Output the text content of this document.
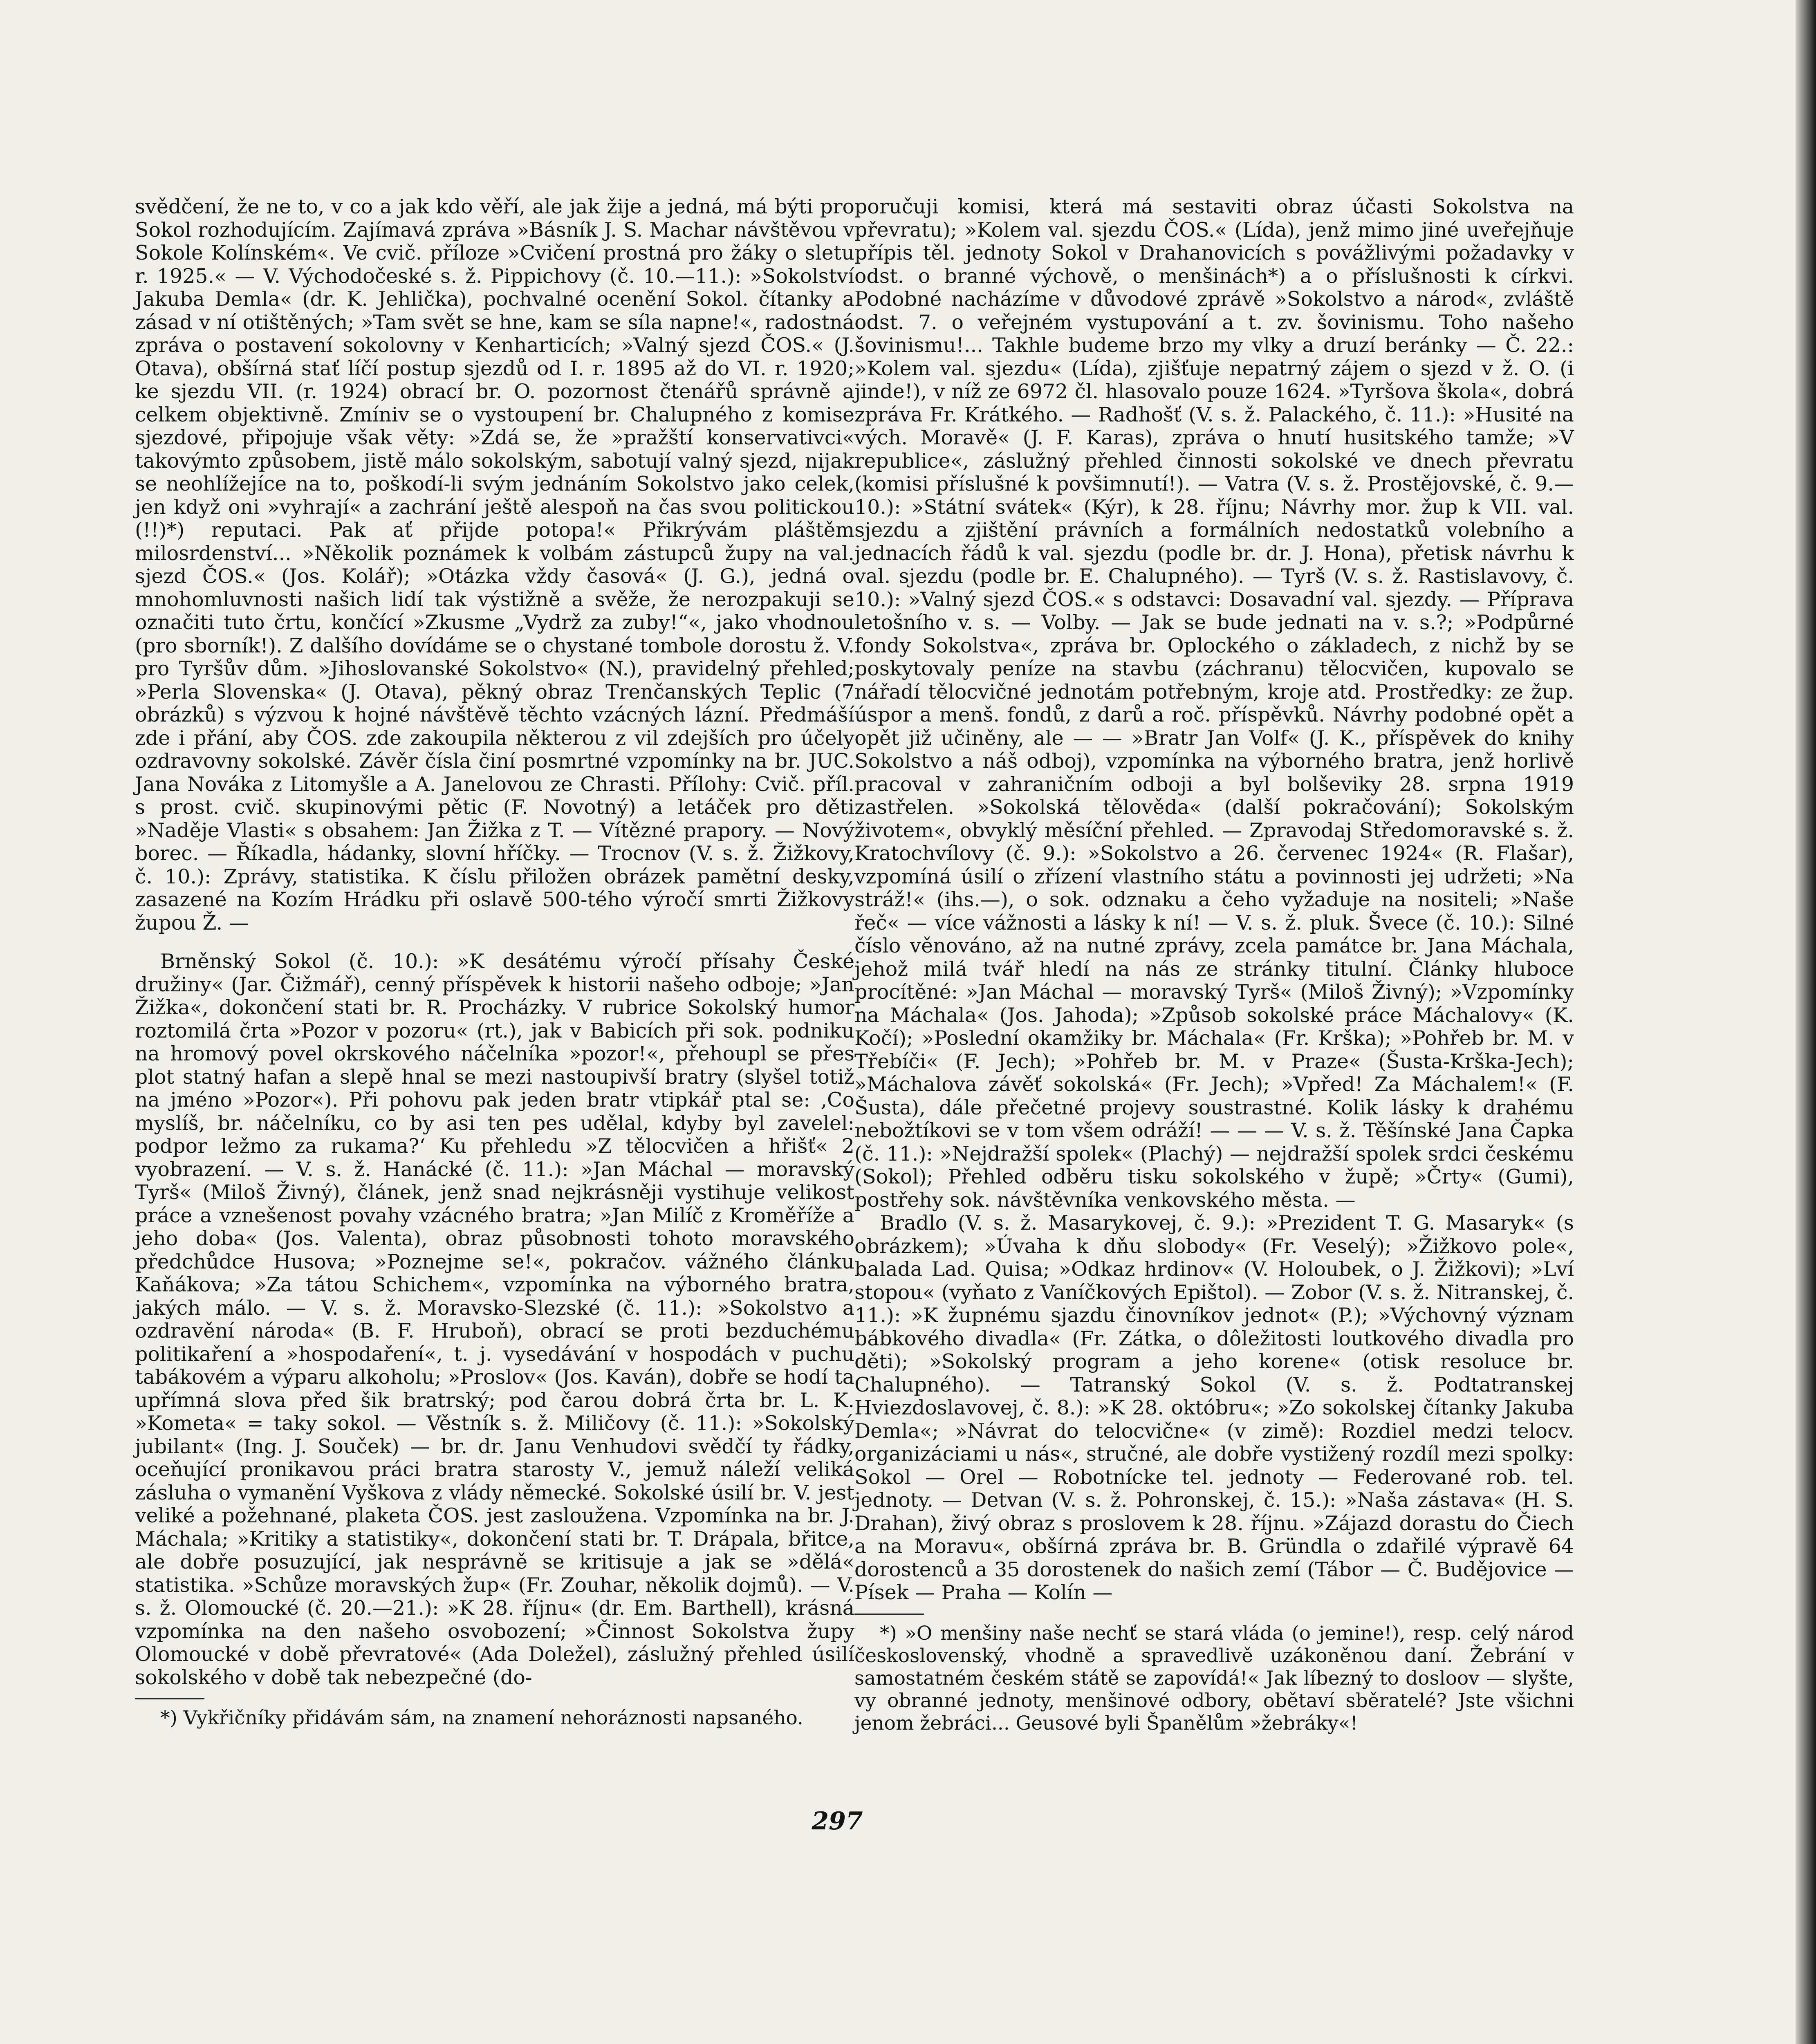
svědčení, že ne to, v co a jak kdo věří, ale jak žije a jedná, má býti pro Sokol rozhodujícím. Zajímavá zpráva »Básník J. S. Machar návštěvou v Sokole Kolínském«. Ve cvič. příloze »Cvičení prostná pro žáky o sletu r. 1925.« — V. Východočeské s. ž. Pippichovy (č. 10.—11.): »Sokolství Jakuba Demla« (dr. K. Jehlička), pochvalné ocenění Sokol. čítanky a zásad v ní otištěných; »Tam svět se hne, kam se síla napne!«, radostná zpráva o postavení sokolovny v Kenharticích; »Valný sjezd ČOS.« (J. Otava), obšírná stať líčí postup sjezdů od I. r. 1895 až do VI. r. 1920; ke sjezdu VII. (r. 1924) obrací br. O. pozornost čtenářů správně a celkem objektivně. Zmíniv se o vystoupení br. Chalupného z komise sjezdové, připojuje však věty: »Zdá se, že »pražští konservativci« takovýmto způsobem, jistě málo sokolským, sabotují valný sjezd, nijak se neohlížejíce na to, poškodí-li svým jednáním Sokolstvo jako celek, jen když oni »vyhrají« a zachrání ještě alespoň na čas svou politickou (!!)*) reputaci. Pak ať přijde potopa!« Přikrývám pláštěm milosrdenství... »Několik poznámek k volbám zástupců župy na val. sjezd ČOS.« (Jos. Kolář); »Otázka vždy časová« (J. G.), jedná o mnohomluvnosti našich lidí tak výstižně a svěže, že nerozpakuji se označiti tuto črtu, končící »Zkusme „Vydrž za zuby!“«, jako vhodnou (pro sborník!). Z dalšího dovídáme se o chystané tombole dorostu ž. V. pro Tyršův dům. »Jihoslovanské Sokolstvo« (N.), pravidelný přehled; »Perla Slovenska« (J. Otava), pěkný obraz Trenčanských Teplic (7 obrázků) s výzvou k hojné návštěvě těchto vzácných lázní. Předmáší zde i přání, aby ČOS. zde zakoupila některou z vil zdejších pro účely ozdravovny sokolské. Závěr čísla činí posmrtné vzpomínky na br. JUC. Jana Nováka z Litomyšle a A. Janelovou ze Chrasti. Přílohy: Cvič. příl. s prost. cvič. skupinovými pětic (F. Novotný) a letáček pro děti »Naděje Vlasti« s obsahem: Jan Žižka z T. — Vítězné prapory. — Nový borec. — Říkadla, hádanky, slovní hříčky. — Trocnov (V. s. ž. Žižkovy, č. 10.): Zprávy, statistika. K číslu přiložen obrázek pamětní desky, zasazené na Kozím Hrádku při oslavě 500-tého výročí smrti Žižkovy župou Ž. —

Brněnský Sokol (č. 10.): »K desátému výročí přísahy České družiny« (Jar. Čižmář), cenný příspěvek k historii našeho odboje; »Jan Žižka«, dokončení stati br. R. Procházky. V rubrice Sokolský humor roztomilá črta »Pozor v pozoru« (rt.), jak v Babicích při sok. podniku na hromový povel okrskového náčelníka »pozor!«, přehoupl se přes plot statný hafan a slepě hnal se mezi nastoupivší bratry (slyšel totiž na jméno »Pozor«). Při pohovu pak jeden bratr vtipkář ptal se: ‚Co myslíš, br. náčelníku, co by asi ten pes udělal, kdyby byl zavelel: podpor ležmo za rukama?‘ Ku přehledu »Z tělocvičen a hřišť« 2 vyobrazení. — V. s. ž. Hanácké (č. 11.): »Jan Máchal — moravský Tyrš« (Miloš Živný), článek, jenž snad nejkrásněji vystihuje velikost práce a vznešenost povahy vzácného bratra; »Jan Milíč z Kroměříže a jeho doba« (Jos. Valenta), obraz působnosti tohoto moravského předchůdce Husova; »Poznejme se!«, pokračov. vážného článku Kaňákova; »Za tátou Schichem«, vzpomínka na výborného bratra, jakých málo. — V. s. ž. Moravsko-Slezské (č. 11.): »Sokolstvo a ozdravění národa« (B. F. Hruboň), obrací se proti bezduchému politikaření a »hospodaření«, t. j. vysedávání v hospodách v puchu tabákovém a výparu alkoholu; »Proslov« (Jos. Kaván), dobře se hodí ta upřímná slova před šik bratrský; pod čarou dobrá črta br. L. K. »Kometa« = taky sokol. — Věstník s. ž. Miličovy (č. 11.): »Sokolský jubilant« (Ing. J. Souček) — br. dr. Janu Venhudovi svědčí ty řádky, oceňující pronikavou práci bratra starosty V., jemuž náleží veliká zásluha o vymanění Vyškova z vlády německé. Sokolské úsilí br. V. jest veliké a požehnané, plaketa ČOS. jest zasloužena. Vzpomínka na br. J. Máchala; »Kritiky a statistiky«, dokončení stati br. T. Drápala, břitce, ale dobře posuzující, jak nesprávně se kritisuje a jak se »dělá« statistika. »Schůze moravských žup« (Fr. Zouhar, několik dojmů). — V. s. ž. Olomoucké (č. 20.—21.): »K 28. říjnu« (dr. Em. Barthell), krásná vzpomínka na den našeho osvobození; »Činnost Sokolstva župy Olomoucké v době převratové« (Ada Doležel), záslužný přehled úsilí sokolského v době tak nebezpečné (do-

*) Vykřičníky přidávám sám, na znamení nehoráznosti napsaného.

poručuji komisi, která má sestaviti obraz účasti Sokolstva na převratu); »Kolem val. sjezdu ČOS.« (Lída), jenž mimo jiné uveřejňuje přípis těl. jednoty Sokol v Drahanovicích s povážlivými požadavky v odst. o branné výchově, o menšinách*) a o příslušnosti k církvi. Podobné nacházíme v důvodové zprávě »Sokolstvo a národ«, zvláště odst. 7. o veřejném vystupování a t. zv. šovinismu. Toho našeho šovinismu!... Takhle budeme brzo my vlky a druzí beránky — Č. 22.: »Kolem val. sjezdu« (Lída), zjišťuje nepatrný zájem o sjezd v ž. O. (i jinde!), v níž ze 6972 čl. hlasovalo pouze 1624. »Tyršova škola«, dobrá zpráva Fr. Krátkého. — Radhošť (V. s. ž. Palackého, č. 11.): »Husité na vých. Moravě« (J. F. Karas), zpráva o hnutí husitského tamže; »V republice«, záslužný přehled činnosti sokolské ve dnech převratu (komisi příslušné k povšimnutí!). — Vatra (V. s. ž. Prostějovské, č. 9.—10.): »Státní svátek« (Kýr), k 28. říjnu; Návrhy mor. žup k VII. val. sjezdu a zjištění právních a formálních nedostatků volebního a jednacích řádů k val. sjezdu (podle br. dr. J. Hona), přetisk návrhu k val. sjezdu (podle br. E. Chalupného). — Tyrš (V. s. ž. Rastislavovy, č. 10.): »Valný sjezd ČOS.« s odstavci: Dosavadní val. sjezdy. — Příprava letošního v. s. — Volby. — Jak se bude jednati na v. s.?; »Podpůrné fondy Sokolstva«, zpráva br. Oplockého o základech, z nichž by se poskytovaly peníze na stavbu (záchranu) tělocvičen, kupovalo se nářadí tělocvičné jednotám potřebným, kroje atd. Prostředky: ze žup. úspor a menš. fondů, z darů a roč. příspěvků. Návrhy podobné opět a opět již učiněny, ale — — »Bratr Jan Volf« (J. K., příspěvek do knihy Sokolstvo a náš odboj), vzpomínka na výborného bratra, jenž horlivě pracoval v zahraničním odboji a byl bolševiky 28. srpna 1919 zastřelen. »Sokolská tělověda« (další pokračování); Sokolským životem«, obvyklý měsíční přehled. — Zpravodaj Středomoravské s. ž. Kratochvílovy (č. 9.): »Sokolstvo a 26. červenec 1924« (R. Flašar), vzpomíná úsilí o zřízení vlastního státu a povinnosti jej udržeti; »Na stráž!« (ihs.—), o sok. odznaku a čeho vyžaduje na nositeli; »Naše řeč« — více vážnosti a lásky k ní! — V. s. ž. pluk. Švece (č. 10.): Silné číslo věnováno, až na nutné zprávy, zcela památce br. Jana Máchala, jehož milá tvář hledí na nás ze stránky titulní. Články hluboce procítěné: »Jan Máchal — moravský Tyrš« (Miloš Živný); »Vzpomínky na Máchala« (Jos. Jahoda); »Způsob sokolské práce Máchalovy« (K. Kočí); »Poslední okamžiky br. Máchala« (Fr. Krška); »Pohřeb br. M. v Třebíči« (F. Jech); »Pohřeb br. M. v Praze« (Šusta-Krška-Jech); »Máchalova závěť sokolská« (Fr. Jech); »Vpřed! Za Máchalem!« (F. Šusta), dále přečetné projevy soustrastné. Kolik lásky k drahému nebožtíkovi se v tom všem odráží! — — — V. s. ž. Těšínské Jana Čapka (č. 11.): »Nejdražší spolek« (Plachý) — nejdražší spolek srdci českému (Sokol); Přehled odběru tisku sokolského v župě; »Črty« (Gumi), postřehy sok. návštěvníka venkovského města. —

Bradlo (V. s. ž. Masarykovej, č. 9.): »Prezident T. G. Masaryk« (s obrázkem); »Úvaha k dňu slobody« (Fr. Veselý); »Žižkovo pole«, balada Lad. Quisa; »Odkaz hrdinov« (V. Holoubek, o J. Žižkovi); »Lví stopou« (vyňato z Vaníčkových Epištol). — Zobor (V. s. ž. Nitranskej, č. 11.): »K župnému sjazdu činovníkov jednot« (P.); »Výchovný význam bábkového divadla« (Fr. Zátka, o dôležitosti loutkového divadla pro děti); »Sokolský program a jeho korene« (otisk resoluce br. Chalupného). — Tatranský Sokol (V. s. ž. Podtatranskej Hviezdoslavovej, č. 8.): »K 28. októbru«; »Zo sokolskej čítanky Jakuba Demla«; »Návrat do telocvične« (v zimě): Rozdiel medzi telocv. organizáciami u nás«, stručné, ale dobře vystižený rozdíl mezi spolky: Sokol — Orel — Robotnícke tel. jednoty — Federované rob. tel. jednoty. — Detvan (V. s. ž. Pohronskej, č. 15.): »Naša zástava« (H. S. Drahan), živý obraz s proslovem k 28. říjnu. »Zájazd dorastu do Čiech a na Moravu«, obšírná zpráva br. B. Gründla o zdařilé výpravě 64 dorostenců a 35 dorostenek do našich zemí (Tábor — Č. Budějovice — Písek — Praha — Kolín —

*) »O menšiny naše nechť se stará vláda (o jemine!), resp. celý národ československý, vhodně a spravedlivě uzákoněnou daní. Žebrání v samostatném českém státě se zapovídá!« Jak líbezný to dosloov — slyšte, vy obranné jednoty, menšinové odbory, obětaví sběratelé? Jste všichni jenom žebráci... Geusové byli Španělům »žebráky«!

297
